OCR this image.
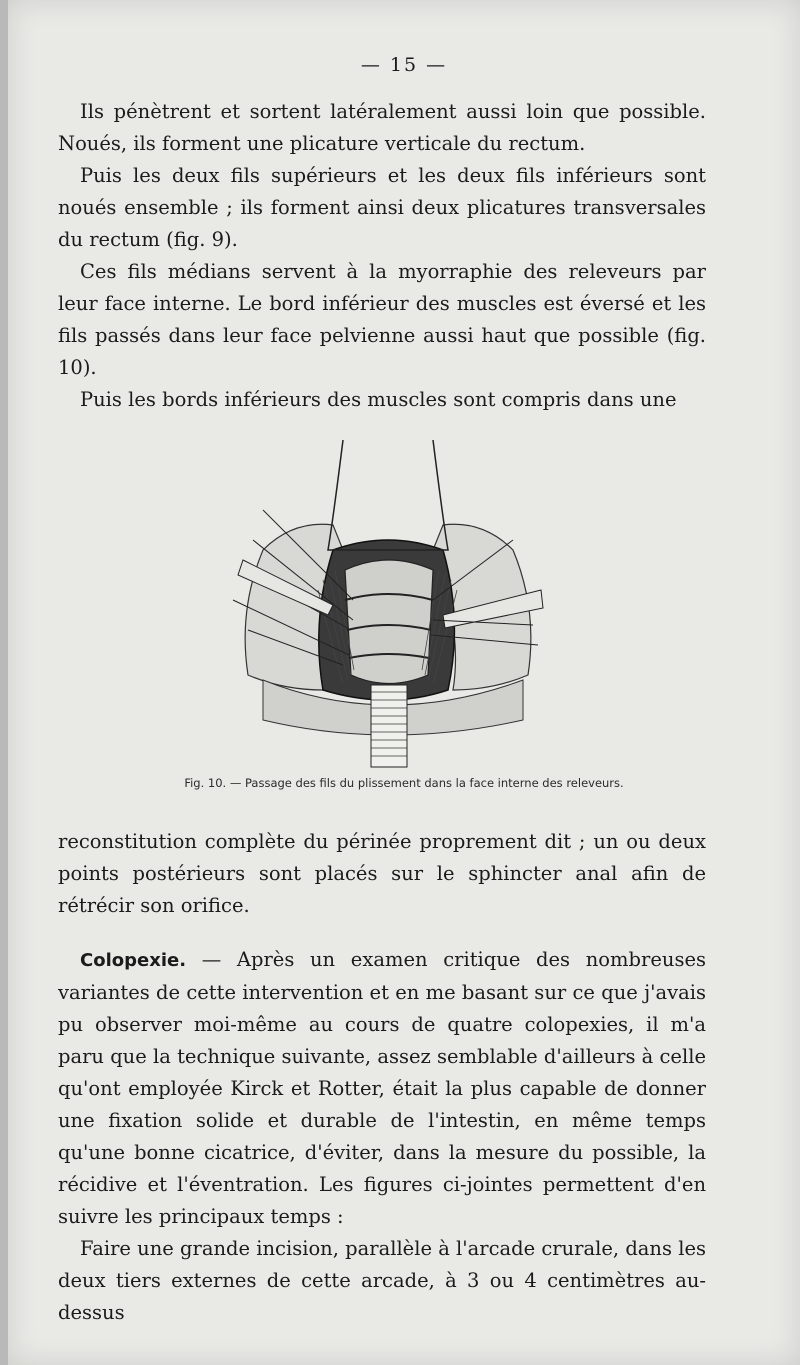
— 15 —

Ils pénètrent et sortent latéralement aussi loin que possible. Noués, ils forment une plicature verticale du rectum.

Puis les deux fils supérieurs et les deux fils inférieurs sont noués ensemble ; ils forment ainsi deux plicatures transversales du rectum (fig. 9).

Ces fils médians servent à la myorraphie des releveurs par leur face interne. Le bord inférieur des muscles est éversé et les fils passés dans leur face pelvienne aussi haut que possible (fig. 10).

Puis les bords inférieurs des muscles sont compris dans une

Fig. 10. — Passage des fils du plissement dans la face interne des releveurs.

reconstitution complète du périnée proprement dit ; un ou deux points postérieurs sont placés sur le sphincter anal afin de rétrécir son orifice.

Colopexie. — Après un examen critique des nombreuses variantes de cette intervention et en me basant sur ce que j'avais pu observer moi-même au cours de quatre colopexies, il m'a paru que la technique suivante, assez semblable d'ailleurs à celle qu'ont employée Kirck et Rotter, était la plus capable de donner une fixation solide et durable de l'intestin, en même temps qu'une bonne cicatrice, d'éviter, dans la mesure du possible, la récidive et l'éventration. Les figures ci-jointes permettent d'en suivre les principaux temps :

Faire une grande incision, parallèle à l'arcade crurale, dans les deux tiers externes de cette arcade, à 3 ou 4 centimètres au-dessus
